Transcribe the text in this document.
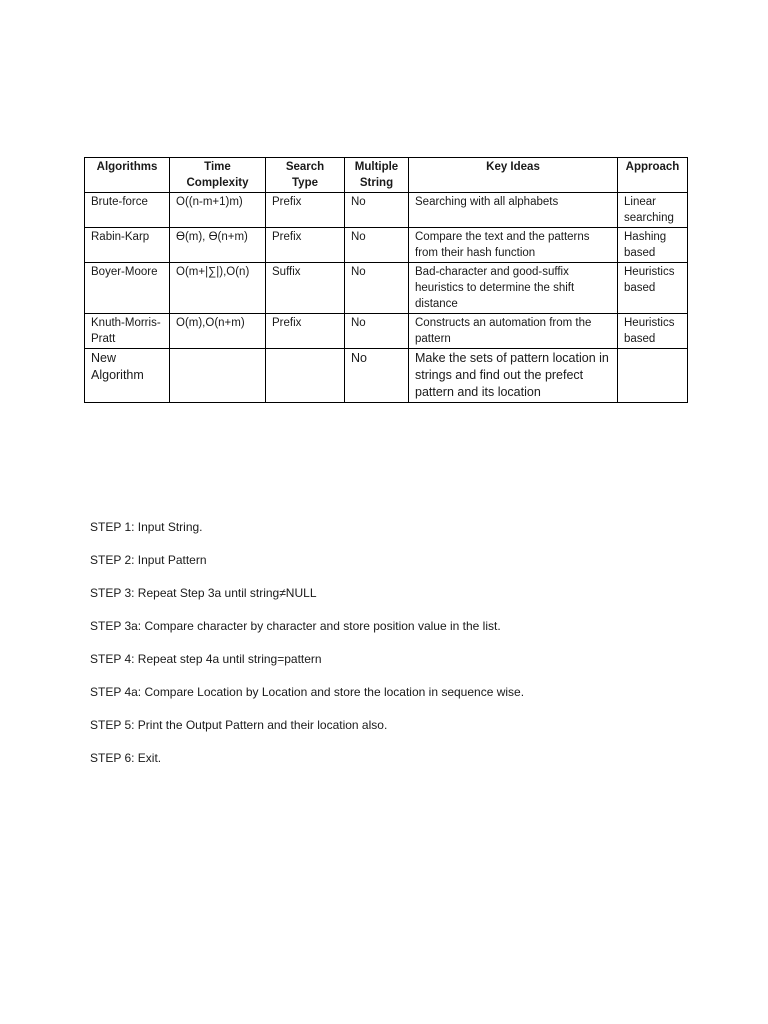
Algorithms	Time Complexity	Search Type	Multiple String	Key Ideas	Approach
Brute-force	O((n-m+1)m)	Prefix	No	Searching with all alphabets	Linear searching
Rabin-Karp	ϴ(m), ϴ(n+m)	Prefix	No	Compare the text and the patterns from their hash function	Hashing based
Boyer-Moore	O(m+|∑|),O(n)	Suffix	No	Bad-character and good-suffix heuristics to determine the shift distance	Heuristics based
Knuth-Morris-Pratt	O(m),O(n+m)	Prefix	No	Constructs an automation from the pattern	Heuristics based
New Algorithm			No	Make the sets of pattern location in strings and find out the prefect pattern and its location	

STEP 1: Input String.

STEP 2: Input Pattern

STEP 3: Repeat Step 3a until string≠NULL

STEP 3a: Compare character by character and store position value in the list.

STEP 4: Repeat step 4a until string=pattern

STEP 4a: Compare Location by Location and store the location in sequence wise.

STEP 5: Print the Output Pattern and their location also.

STEP 6: Exit.
